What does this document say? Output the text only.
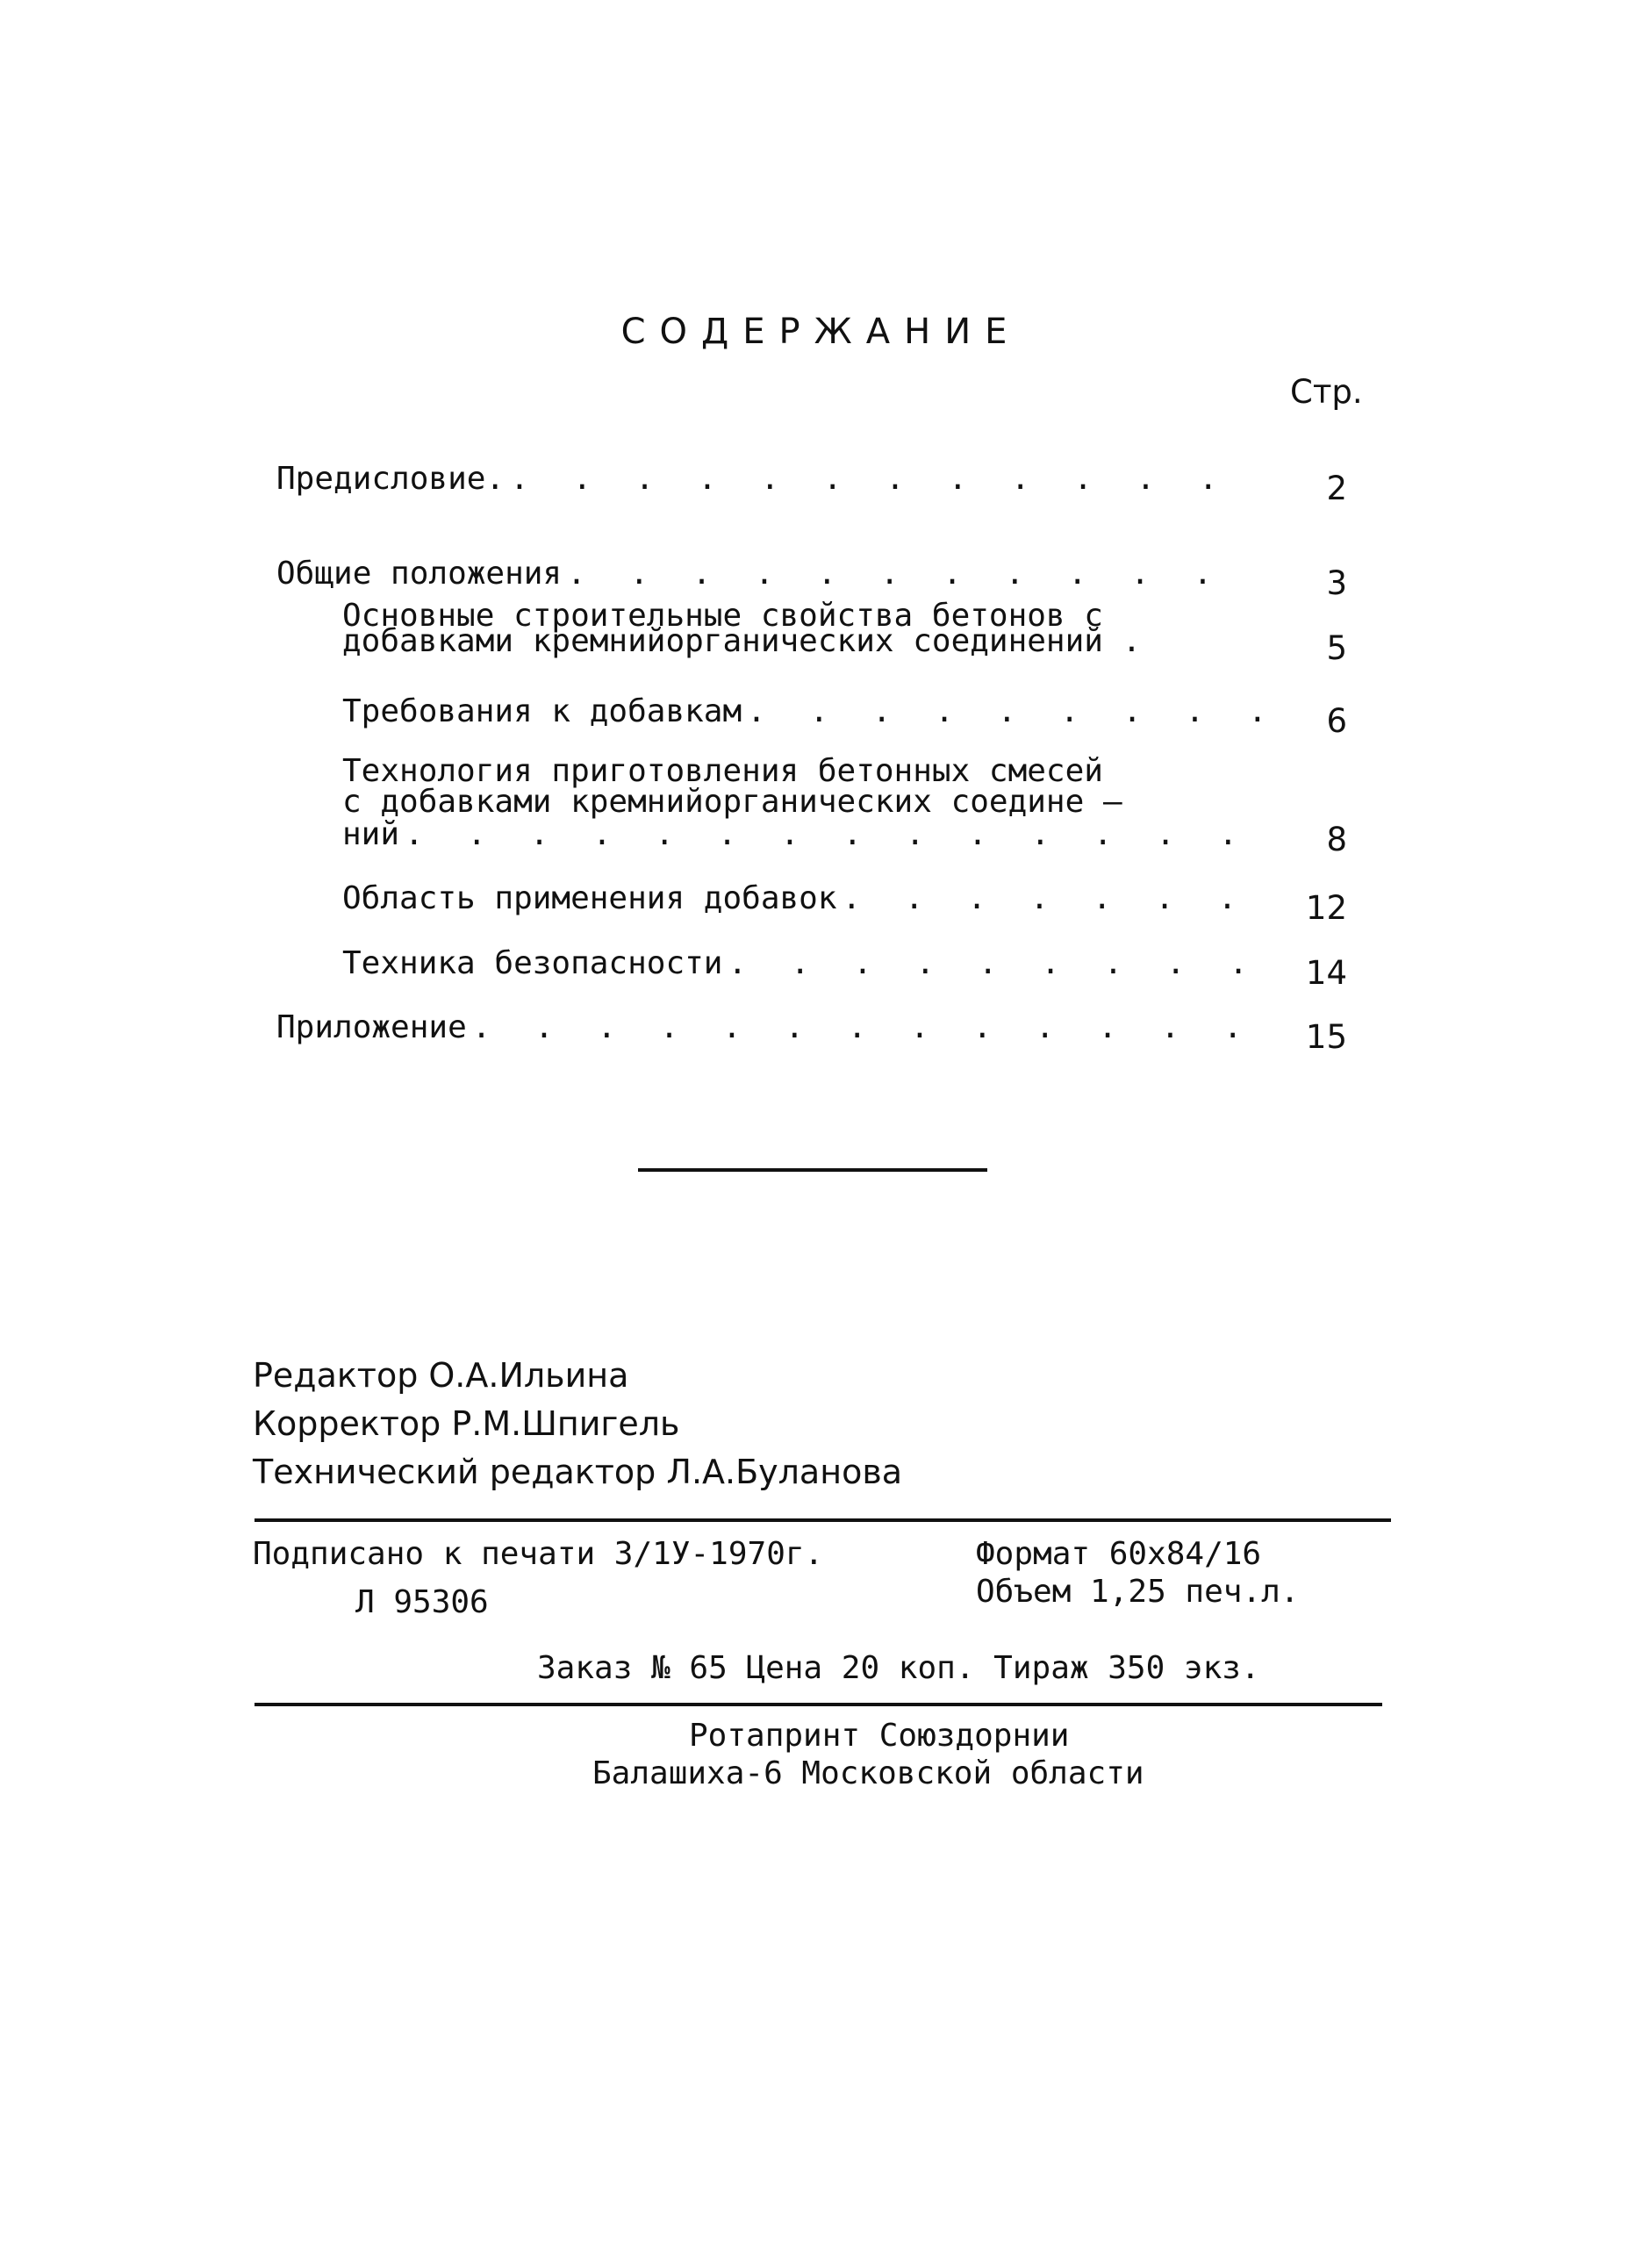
СОДЕРЖАНИЕ
Стр.
Предисловие. . . .	2
Общие положения . . .	3
Основные строительные свойства бетонов с
добавками кремнийорганических соединений .	5
Требования к добавкам . . .	6
Технология приготовления бетонных смесей
с добавками кремнийорганических соедине –
ний . . .	8
Область применения добавок . . .	12
Техника безопасности . . .	14
Приложение . . .	15
Редактор О.А.Ильина
Корректор Р.М.Шпигель
Технический редактор Л.А.Буланова
Подписано к печати 3/1У-1970г.	Формат 60х84/16
Л 95306	Объем 1,25 печ.л.
Заказ № 65 Цена 20 коп. Тираж 350 экз.
Ротапринт Союздорнии
Балашиха-6 Московской области
